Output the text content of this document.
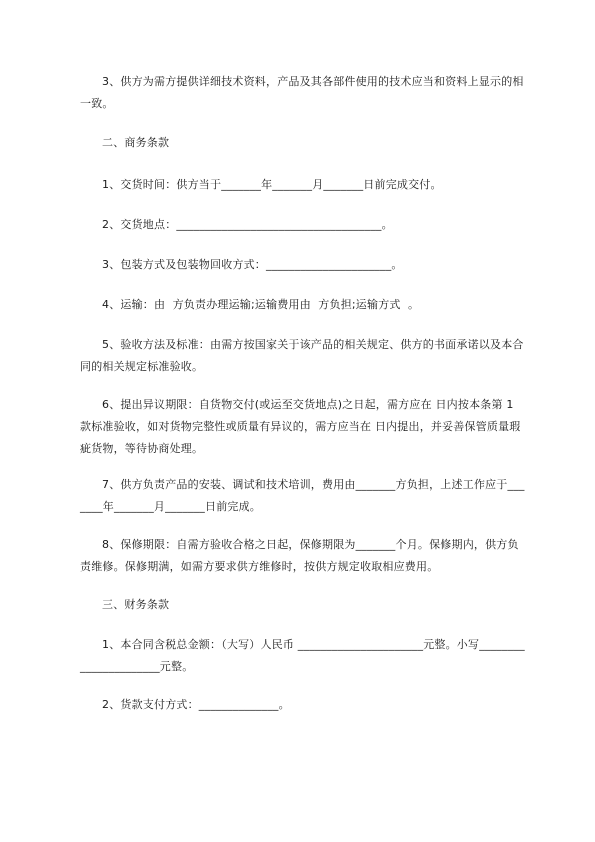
3、供方为需方提供详细技术资料，产品及其各部件使用的技术应当和资料上显示的相一致。

二、商务条款

1、交货时间：供方当于_______年_______月_______日前完成交付。

2、交货地点：____________________________________。

3、包装方式及包装物回收方式：______________________。

4、运输：由  方负责办理运输;运输费用由  方负担;运输方式  。

5、验收方法及标准：由需方按国家关于该产品的相关规定、供方的书面承诺以及本合同的相关规定标准验收。

6、提出异议期限：自货物交付(或运至交货地点)之日起，需方应在 日内按本条第 1 款标准验收，如对货物完整性或质量有异议的，需方应当在 日内提出，并妥善保管质量瑕疵货物，等待协商处理。

7、供方负责产品的安装、调试和技术培训，费用由_______方负担，上述工作应于_______年_______月_______日前完成。

8、保修期限：自需方验收合格之日起，保修期限为_______个月。保修期内，供方负责维修。保修期满，如需方要求供方维修时，按供方规定收取相应费用。

三、财务条款

1、本合同含税总金额：（大写）人民币 ______________________元整。小写______________________元整。

2、货款支付方式：______________。
